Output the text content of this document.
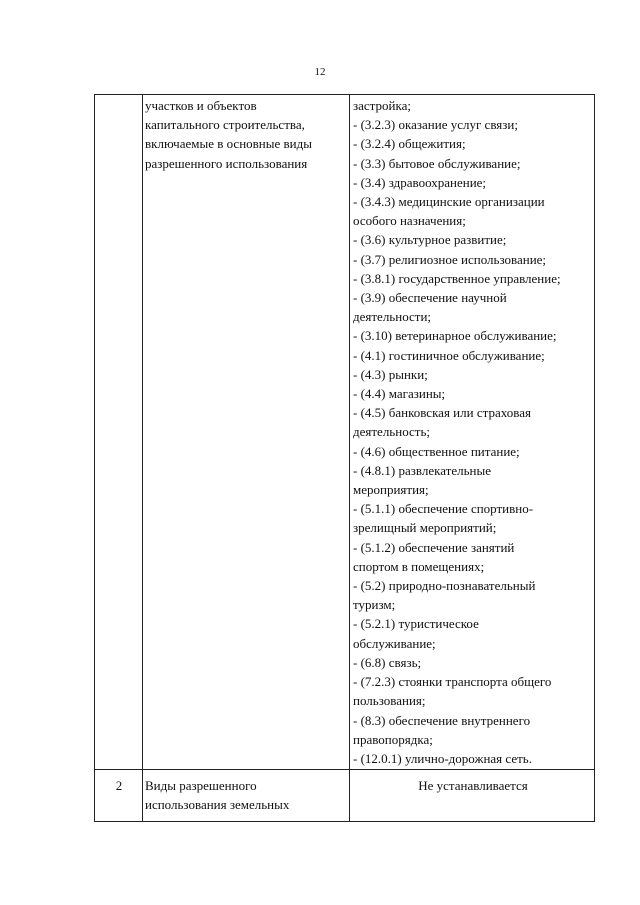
12
участков и объектов
капитального строительства,
включаемые в основные виды
разрешенного использования
застройка;
- (3.2.3) оказание услуг связи;
- (3.2.4) общежития;
- (3.3) бытовое обслуживание;
- (3.4) здравоохранение;
- (3.4.3) медицинские организации
особого назначения;
- (3.6) культурное развитие;
- (3.7) религиозное использование;
- (3.8.1) государственное управление;
- (3.9) обеспечение научной
деятельности;
- (3.10) ветеринарное обслуживание;
- (4.1) гостиничное обслуживание;
- (4.3) рынки;
- (4.4) магазины;
- (4.5) банковская или страховая
деятельность;
- (4.6) общественное питание;
- (4.8.1) развлекательные
мероприятия;
- (5.1.1) обеспечение спортивно-
зрелищный мероприятий;
- (5.1.2) обеспечение занятий
спортом в помещениях;
- (5.2) природно-познавательный
туризм;
- (5.2.1) туристическое
обслуживание;
- (6.8) связь;
- (7.2.3) стоянки транспорта общего
пользования;
- (8.3) обеспечение внутреннего
правопорядка;
- (12.0.1) улично-дорожная сеть.
2	Виды разрешенного
использования земельных
Не устанавливается
